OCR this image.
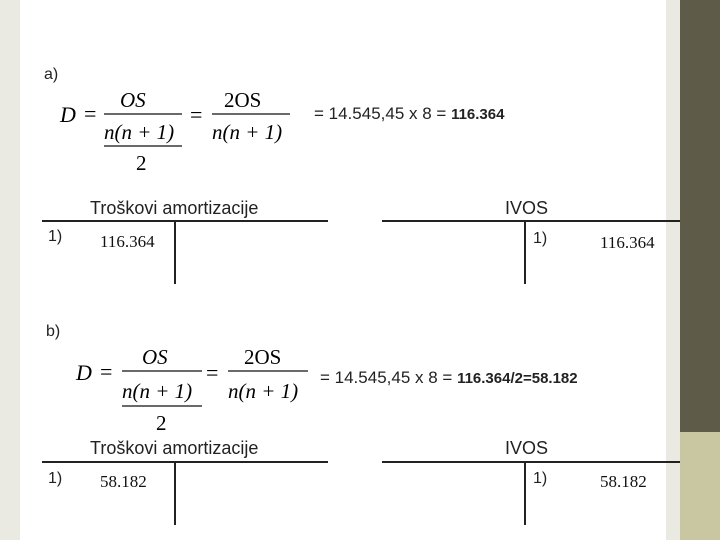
a)
D =
OS
n(n + 1)
2
=
2OS
n(n + 1)
= 14.545,45 x 8 = 116.364
Troškovi amortizacije
1) 116.364
IVOS
1)	116.364
b)
D =
OS
n(n + 1)
2
=
2OS
n(n + 1)
= 14.545,45 x 8 = 116.364/2=58.182
Troškovi amortizacije
1) 58.182
IVOS
1)	58.182
